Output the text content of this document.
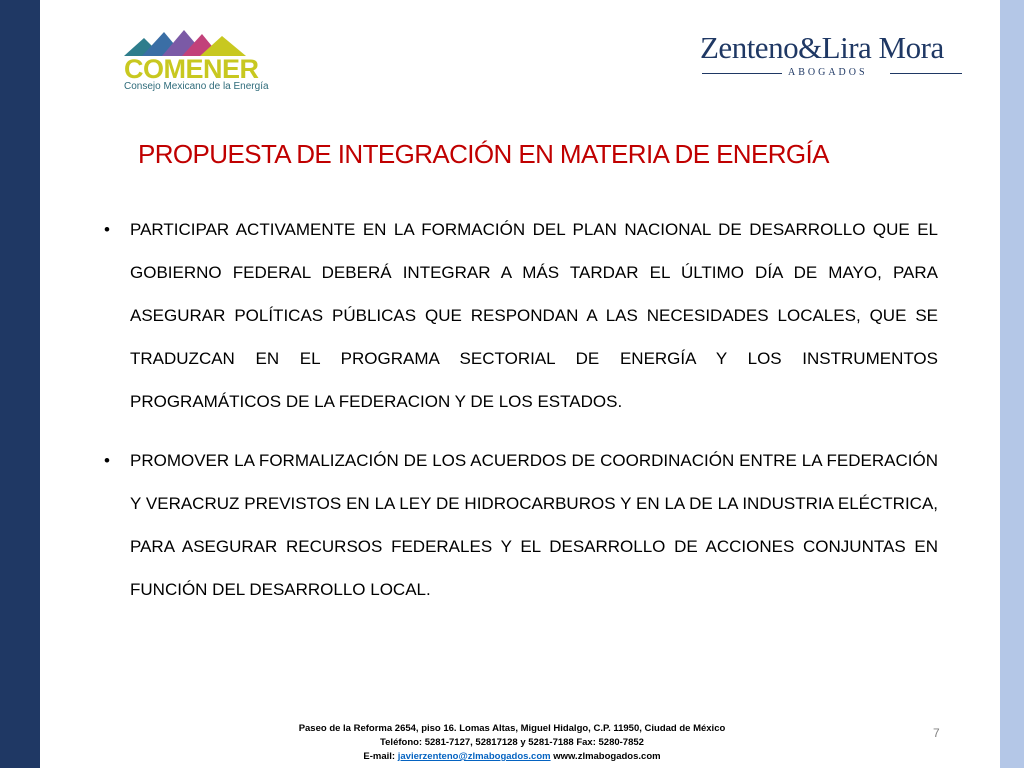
COMENER
Consejo Mexicano de la Energía
Zenteno&Lira Mora
ABOGADOS
PROPUESTA DE INTEGRACIÓN EN MATERIA DE ENERGÍA
• PARTICIPAR ACTIVAMENTE EN LA FORMACIÓN DEL PLAN NACIONAL DE DESARROLLO QUE EL GOBIERNO FEDERAL DEBERÁ INTEGRAR A MÁS TARDAR EL ÚLTIMO DÍA DE MAYO, PARA ASEGURAR POLÍTICAS PÚBLICAS QUE RESPONDAN A LAS NECESIDADES LOCALES, QUE SE TRADUZCAN EN EL PROGRAMA SECTORIAL DE ENERGÍA Y LOS INSTRUMENTOS PROGRAMÁTICOS DE LA FEDERACION Y DE LOS ESTADOS.
• PROMOVER LA FORMALIZACIÓN DE LOS ACUERDOS DE COORDINACIÓN ENTRE LA FEDERACIÓN Y VERACRUZ PREVISTOS EN LA LEY DE HIDROCARBUROS Y EN LA DE LA INDUSTRIA ELÉCTRICA, PARA ASEGURAR RECURSOS FEDERALES Y EL DESARROLLO DE ACCIONES CONJUNTAS EN FUNCIÓN DEL DESARROLLO LOCAL.
Paseo de la Reforma 2654, piso 16. Lomas Altas, Miguel Hidalgo, C.P. 11950, Ciudad de México
Teléfono: 5281-7127, 52817128 y 5281-7188 Fax: 5280-7852
E-mail: javierzenteno@zlmabogados.com www.zlmabogados.com
7
